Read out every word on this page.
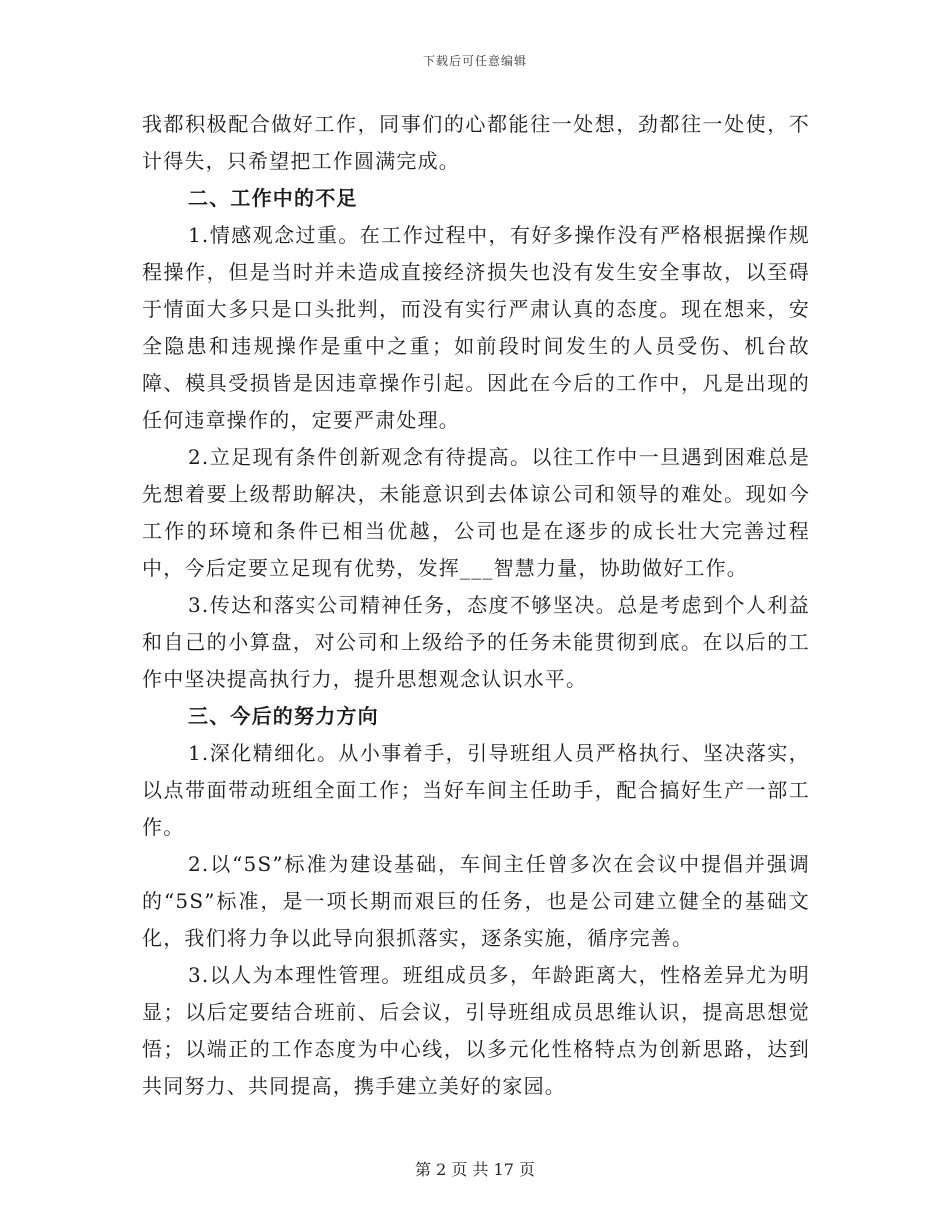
下载后可任意编辑

我都积极配合做好工作，同事们的心都能往一处想，劲都往一处使，不计得失，只希望把工作圆满完成。

二、工作中的不足

1.情感观念过重。在工作过程中，有好多操作没有严格根据操作规程操作，但是当时并未造成直接经济损失也没有发生安全事故，以至碍于情面大多只是口头批判，而没有实行严肃认真的态度。现在想来，安全隐患和违规操作是重中之重；如前段时间发生的人员受伤、机台故障、模具受损皆是因违章操作引起。因此在今后的工作中，凡是出现的任何违章操作的，定要严肃处理。

2.立足现有条件创新观念有待提高。以往工作中一旦遇到困难总是先想着要上级帮助解决，未能意识到去体谅公司和领导的难处。现如今工作的环境和条件已相当优越，公司也是在逐步的成长壮大完善过程中，今后定要立足现有优势，发挥___智慧力量，协助做好工作。

3.传达和落实公司精神任务，态度不够坚决。总是考虑到个人利益和自己的小算盘，对公司和上级给予的任务未能贯彻到底。在以后的工作中坚决提高执行力，提升思想观念认识水平。

三、今后的努力方向

1.深化精细化。从小事着手，引导班组人员严格执行、坚决落实，以点带面带动班组全面工作；当好车间主任助手，配合搞好生产一部工作。

2.以“5S”标准为建设基础，车间主任曾多次在会议中提倡并强调的“5S”标准，是一项长期而艰巨的任务，也是公司建立健全的基础文化，我们将力争以此导向狠抓落实，逐条实施，循序完善。

3.以人为本理性管理。班组成员多，年龄距离大，性格差异尤为明显；以后定要结合班前、后会议，引导班组成员思维认识，提高思想觉悟；以端正的工作态度为中心线，以多元化性格特点为创新思路，达到共同努力、共同提高，携手建立美好的家园。

第 2 页 共 17 页
